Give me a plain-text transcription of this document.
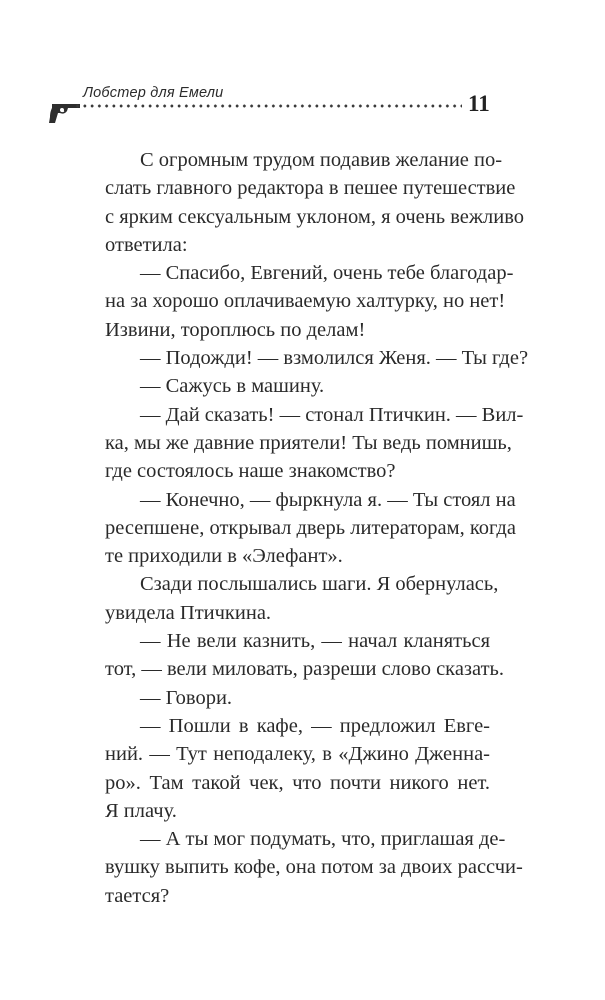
Лобстер для Емели	11

С огромным трудом подавив желание по-
слать главного редактора в пешее путешествие
с ярким сексуальным уклоном, я очень вежливо
ответила:

— Спасибо, Евгений, очень тебе благодар-
на за хорошо оплачиваемую халтурку, но нет!
Извини, тороплюсь по делам!

— Подожди! — взмолился Женя. — Ты где?

— Сажусь в машину.

— Дай сказать! — стонал Птичкин. — Вил-
ка, мы же давние приятели! Ты ведь помнишь,
где состоялось наше знакомство?

— Конечно, — фыркнула я. — Ты стоял на
ресепшене, открывал дверь литераторам, когда
те приходили в «Элефант».

Сзади послышались шаги. Я обернулась,
увидела Птичкина.

— Не вели казнить, — начал кланяться
тот, — вели миловать, разреши слово сказать.

— Говори.

— Пошли в кафе, — предложил Евге-
ний. — Тут неподалеку, в «Джино Дженна-
ро». Там такой чек, что почти никого нет.
Я плачу.

— А ты мог подумать, что, приглашая де-
вушку выпить кофе, она потом за двоих рассчи-
тается?
